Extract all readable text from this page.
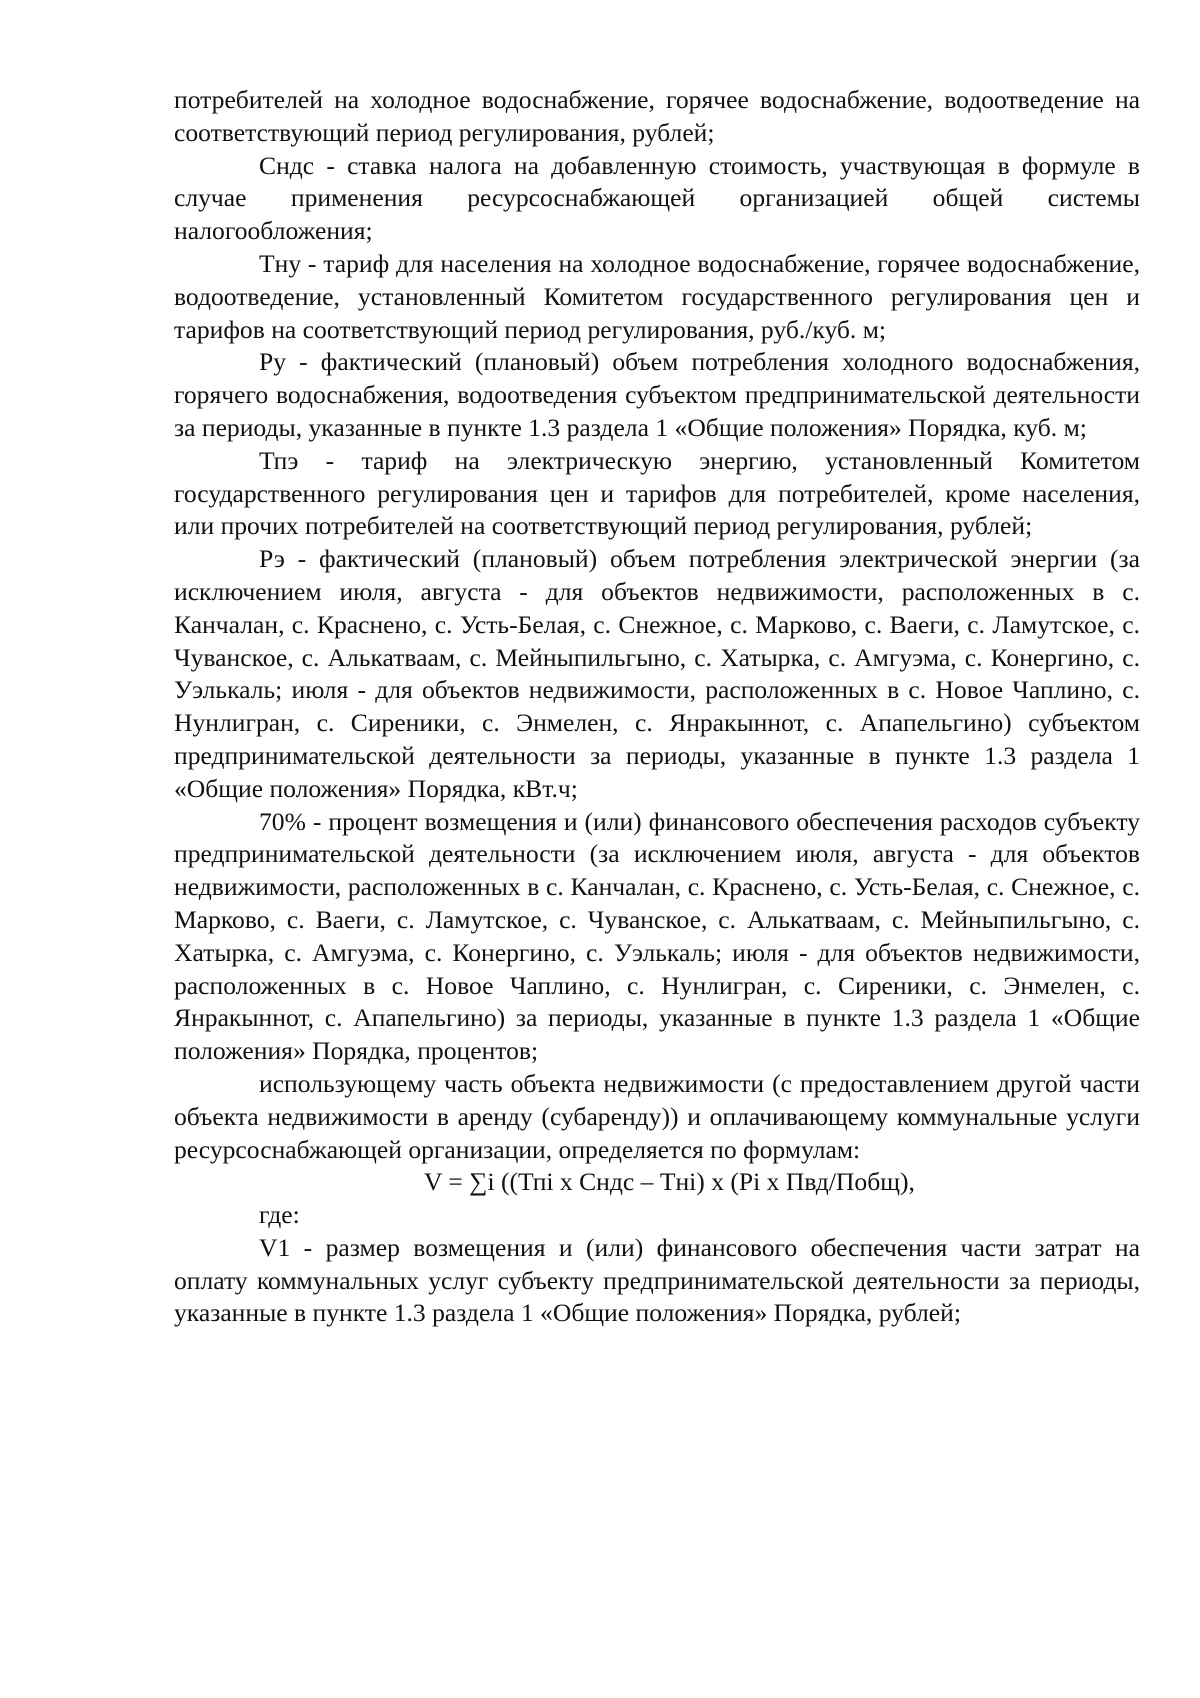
потребителей на холодное водоснабжение, горячее водоснабжение, водоотведение на соответствующий период регулирования, рублей;

Сндс - ставка налога на добавленную стоимость, участвующая в формуле в случае применения ресурсоснабжающей организацией общей системы налогообложения;

Тну - тариф для населения на холодное водоснабжение, горячее водоснабжение, водоотведение, установленный Комитетом государственного регулирования цен и тарифов на соответствующий период регулирования, руб./куб. м;

Ру - фактический (плановый) объем потребления холодного водоснабжения, горячего водоснабжения, водоотведения субъектом предпринимательской деятельности за периоды, указанные в пункте 1.3 раздела 1 «Общие положения» Порядка, куб. м;

Тпэ - тариф на электрическую энергию, установленный Комитетом государственного регулирования цен и тарифов для потребителей, кроме населения, или прочих потребителей на соответствующий период регулирования, рублей;

Рэ - фактический (плановый) объем потребления электрической энергии (за исключением июля, августа - для объектов недвижимости, расположенных в с. Канчалан, с. Краснено, с. Усть-Белая, с. Снежное, с. Марково, с. Ваеги, с. Ламутское, с. Чуванское, с. Алькатваам, с. Мейныпильгыно, с. Хатырка, с. Амгуэма, с. Конергино, с. Уэлькаль; июля - для объектов недвижимости, расположенных в с. Новое Чаплино, с. Нунлигран, с. Сиреники, с. Энмелен, с. Янракыннот, с. Апапельгино) субъектом предпринимательской деятельности за периоды, указанные в пункте 1.3 раздела 1 «Общие положения» Порядка, кВт.ч;

70% - процент возмещения и (или) финансового обеспечения расходов субъекту предпринимательской деятельности (за исключением июля, августа - для объектов недвижимости, расположенных в с. Канчалан, с. Краснено, с. Усть-Белая, с. Снежное, с. Марково, с. Ваеги, с. Ламутское, с. Чуванское, с. Алькатваам, с. Мейныпильгыно, с. Хатырка, с. Амгуэма, с. Конергино, с. Уэлькаль; июля - для объектов недвижимости, расположенных в с. Новое Чаплино, с. Нунлигран, с. Сиреники, с. Энмелен, с. Янракыннот, с. Апапельгино) за периоды, указанные в пункте 1.3 раздела 1 «Общие положения» Порядка, процентов;

использующему часть объекта недвижимости (с предоставлением другой части объекта недвижимости в аренду (субаренду)) и оплачивающему коммунальные услуги ресурсоснабжающей организации, определяется по формулам:

V = ∑i ((Тпi х Сндс – Тнi) х (Pi х Пвд/Побщ),

где:

V1 - размер возмещения и (или) финансового обеспечения части затрат на оплату коммунальных услуг субъекту предпринимательской деятельности за периоды, указанные в пункте 1.3 раздела 1 «Общие положения» Порядка, рублей;
